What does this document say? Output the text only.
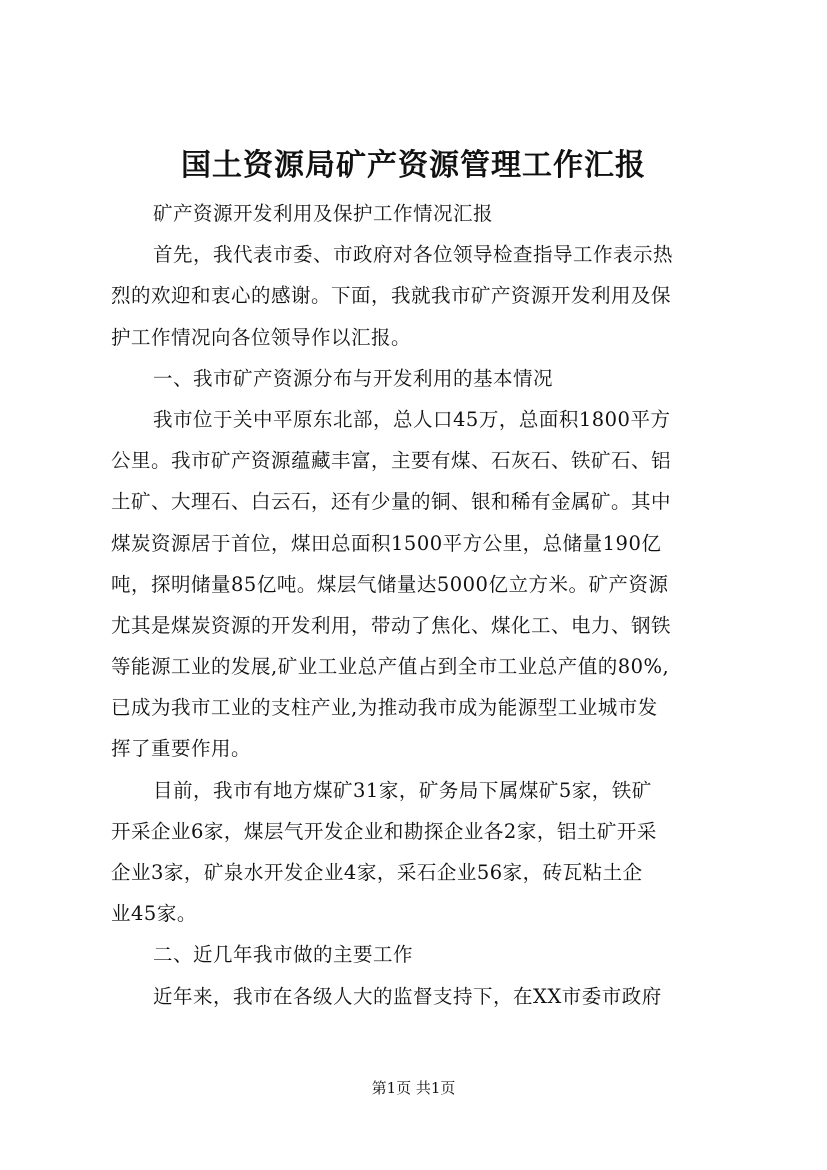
国土资源局矿产资源管理工作汇报
矿产资源开发利用及保护工作情况汇报
首先，我代表市委、市政府对各位领导检查指导工作表示热
烈的欢迎和衷心的感谢。下面，我就我市矿产资源开发利用及保
护工作情况向各位领导作以汇报。
一、我市矿产资源分布与开发利用的基本情况
我市位于关中平原东北部，总人口45万，总面积1800平方
公里。我市矿产资源蕴藏丰富，主要有煤、石灰石、铁矿石、铝
土矿、大理石、白云石，还有少量的铜、银和稀有金属矿。其中
煤炭资源居于首位，煤田总面积1500平方公里，总储量190亿
吨，探明储量85亿吨。煤层气储量达5000亿立方米。矿产资源
尤其是煤炭资源的开发利用，带动了焦化、煤化工、电力、钢铁
等能源工业的发展,矿业工业总产值占到全市工业总产值的80%,
已成为我市工业的支柱产业,为推动我市成为能源型工业城市发
挥了重要作用。
目前，我市有地方煤矿31家，矿务局下属煤矿5家，铁矿
开采企业6家，煤层气开发企业和勘探企业各2家，铝土矿开采
企业3家，矿泉水开发企业4家，采石企业56家，砖瓦粘土企
业45家。
二、近几年我市做的主要工作
近年来，我市在各级人大的监督支持下，在XX市委市政府
第1页 共1页
